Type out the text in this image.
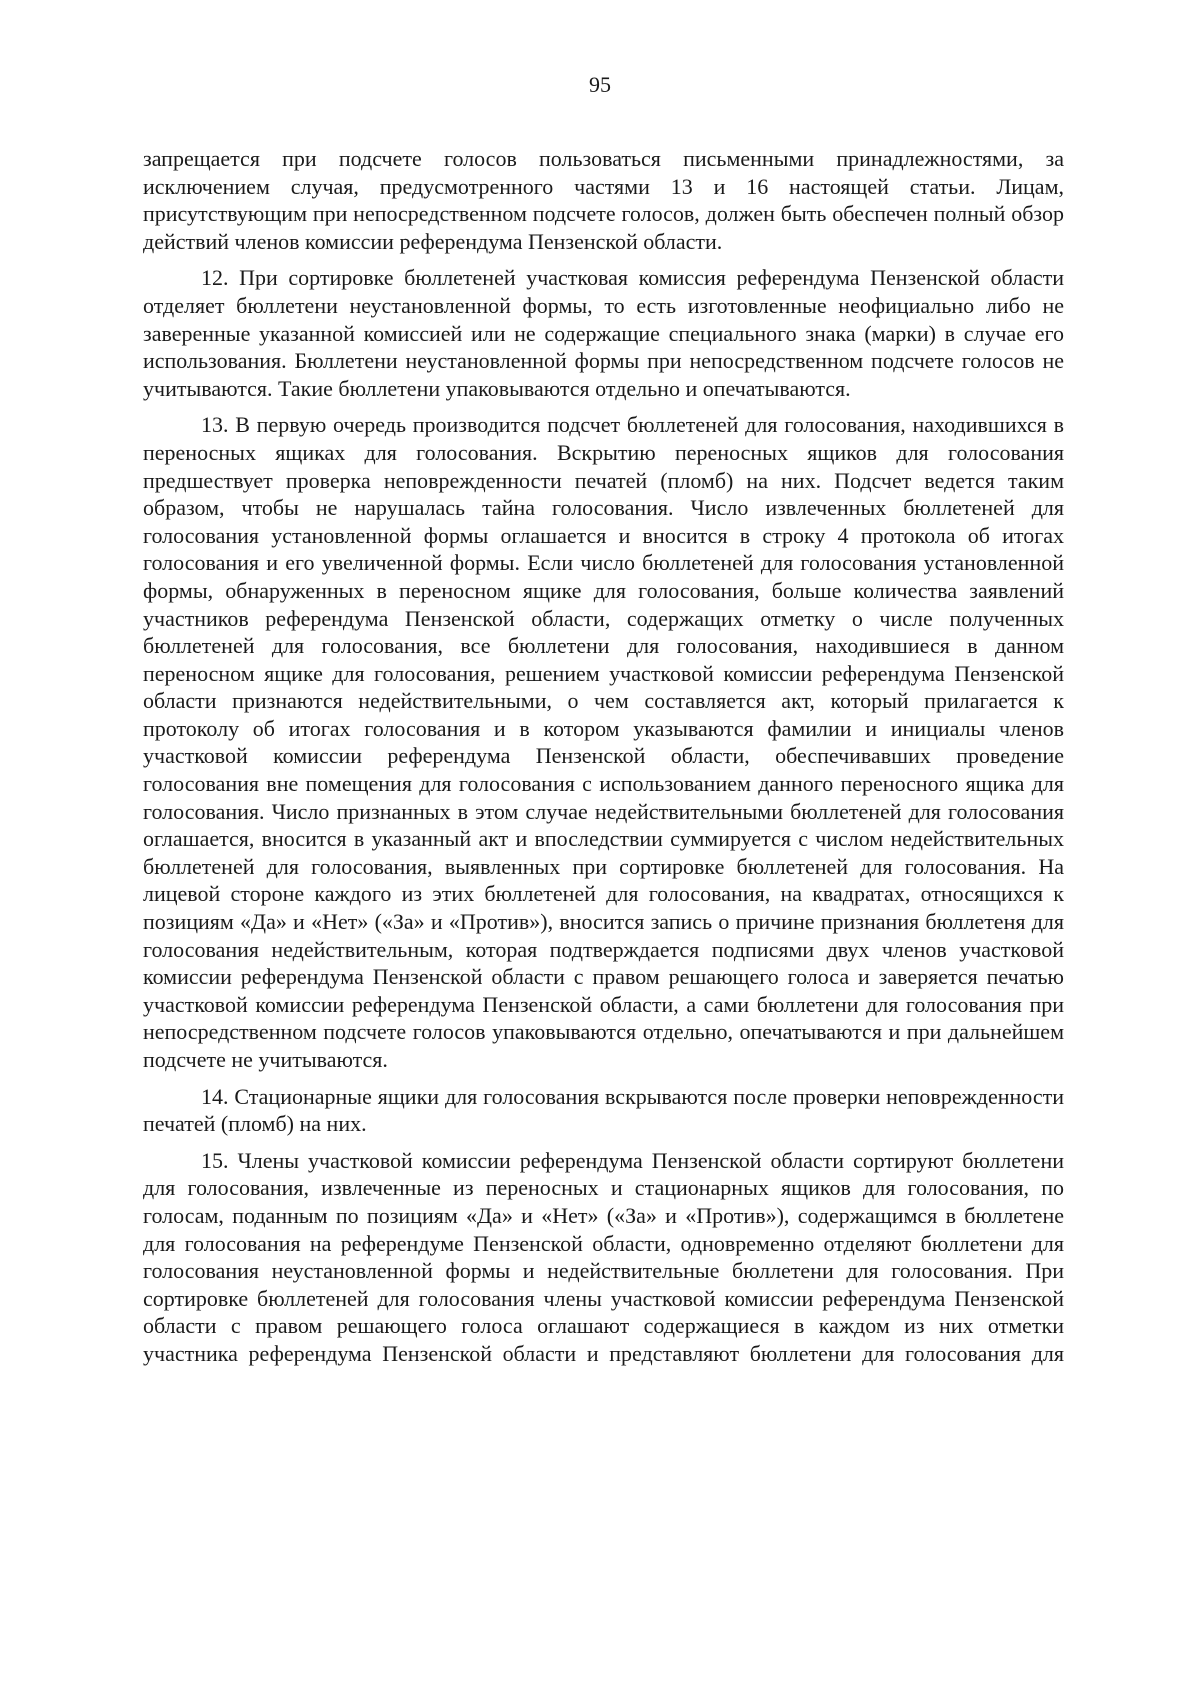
95

запрещается при подсчете голосов пользоваться письменными принадлежностями, за исключением случая, предусмотренного частями 13 и 16 настоящей статьи. Лицам, присутствующим при непосредственном подсчете голосов, должен быть обеспечен полный обзор действий членов комиссии референдума Пензенской области.

12. При сортировке бюллетеней участковая комиссия референдума Пензенской области отделяет бюллетени неустановленной формы, то есть изготовленные неофициально либо не заверенные указанной комиссией или не содержащие специального знака (марки) в случае его использования. Бюллетени неустановленной формы при непосредственном подсчете голосов не учитываются. Такие бюллетени упаковываются отдельно и опечатываются.

13. В первую очередь производится подсчет бюллетеней для голосования, находившихся в переносных ящиках для голосования. Вскрытию переносных ящиков для голосования предшествует проверка неповрежденности печатей (пломб) на них. Подсчет ведется таким образом, чтобы не нарушалась тайна голосования. Число извлеченных бюллетеней для голосования установленной формы оглашается и вносится в строку 4 протокола об итогах голосования и его увеличенной формы. Если число бюллетеней для голосования установленной формы, обнаруженных в переносном ящике для голосования, больше количества заявлений участников референдума Пензенской области, содержащих отметку о числе полученных бюллетеней для голосования, все бюллетени для голосования, находившиеся в данном переносном ящике для голосования, решением участковой комиссии референдума Пензенской области признаются недействительными, о чем составляется акт, который прилагается к протоколу об итогах голосования и в котором указываются фамилии и инициалы членов участковой комиссии референдума Пензенской области, обеспечивавших проведение голосования вне помещения для голосования с использованием данного переносного ящика для голосования. Число признанных в этом случае недействительными бюллетеней для голосования оглашается, вносится в указанный акт и впоследствии суммируется с числом недействительных бюллетеней для голосования, выявленных при сортировке бюллетеней для голосования. На лицевой стороне каждого из этих бюллетеней для голосования, на квадратах, относящихся к позициям «Да» и «Нет» («За» и «Против»), вносится запись о причине признания бюллетеня для голосования недействительным, которая подтверждается подписями двух членов участковой комиссии референдума Пензенской области с правом решающего голоса и заверяется печатью участковой комиссии референдума Пензенской области, а сами бюллетени для голосования при непосредственном подсчете голосов упаковываются отдельно, опечатываются и при дальнейшем подсчете не учитываются.

14. Стационарные ящики для голосования вскрываются после проверки неповрежденности печатей (пломб) на них.

15. Члены участковой комиссии референдума Пензенской области сортируют бюллетени для голосования, извлеченные из переносных и стационарных ящиков для голосования, по голосам, поданным по позициям «Да» и «Нет» («За» и «Против»), содержащимся в бюллетене для голосования на референдуме Пензенской области, одновременно отделяют бюллетени для голосования неустановленной формы и недействительные бюллетени для голосования. При сортировке бюллетеней для голосования члены участковой комиссии референдума Пензенской области с правом решающего голоса оглашают содержащиеся в каждом из них отметки участника референдума Пензенской области и представляют бюллетени для голосования для
